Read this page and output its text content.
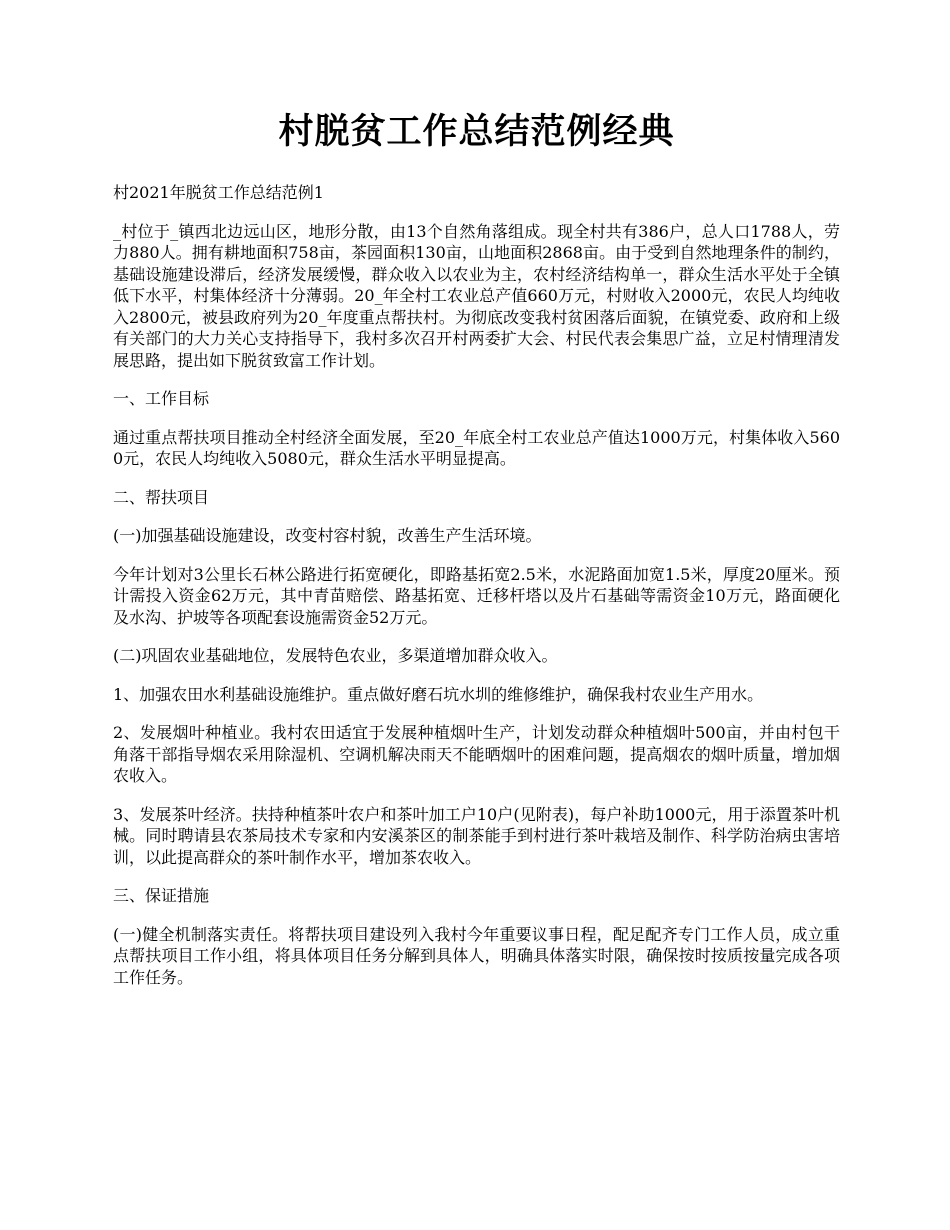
村脱贫工作总结范例经典

村2021年脱贫工作总结范例1

_村位于_镇西北边远山区，地形分散，由13个自然角落组成。现全村共有386户，总人口1788人，劳力880人。拥有耕地面积758亩，茶园面积130亩，山地面积2868亩。由于受到自然地理条件的制约，基础设施建设滞后，经济发展缓慢，群众收入以农业为主，农村经济结构单一，群众生活水平处于全镇低下水平，村集体经济十分薄弱。20_年全村工农业总产值660万元，村财收入2000元，农民人均纯收入2800元，被县政府列为20_年度重点帮扶村。为彻底改变我村贫困落后面貌，在镇党委、政府和上级有关部门的大力关心支持指导下，我村多次召开村两委扩大会、村民代表会集思广益，立足村情理清发展思路，提出如下脱贫致富工作计划。

一、工作目标

通过重点帮扶项目推动全村经济全面发展，至20_年底全村工农业总产值达1000万元，村集体收入5600元，农民人均纯收入5080元，群众生活水平明显提高。

二、帮扶项目

(一)加强基础设施建设，改变村容村貌，改善生产生活环境。

今年计划对3公里长石林公路进行拓宽硬化，即路基拓宽2.5米，水泥路面加宽1.5米，厚度20厘米。预计需投入资金62万元，其中青苗赔偿、路基拓宽、迁移杆塔以及片石基础等需资金10万元，路面硬化及水沟、护坡等各项配套设施需资金52万元。

(二)巩固农业基础地位，发展特色农业，多渠道增加群众收入。

1、加强农田水利基础设施维护。重点做好磨石坑水圳的维修维护，确保我村农业生产用水。

2、发展烟叶种植业。我村农田适宜于发展种植烟叶生产，计划发动群众种植烟叶500亩，并由村包干角落干部指导烟农采用除湿机、空调机解决雨天不能晒烟叶的困难问题，提高烟农的烟叶质量，增加烟农收入。

3、发展茶叶经济。扶持种植茶叶农户和茶叶加工户10户(见附表)，每户补助1000元，用于添置茶叶机械。同时聘请县农茶局技术专家和内安溪茶区的制茶能手到村进行茶叶栽培及制作、科学防治病虫害培训，以此提高群众的茶叶制作水平，增加茶农收入。

三、保证措施

(一)健全机制落实责任。将帮扶项目建设列入我村今年重要议事日程，配足配齐专门工作人员，成立重点帮扶项目工作小组，将具体项目任务分解到具体人，明确具体落实时限，确保按时按质按量完成各项工作任务。
